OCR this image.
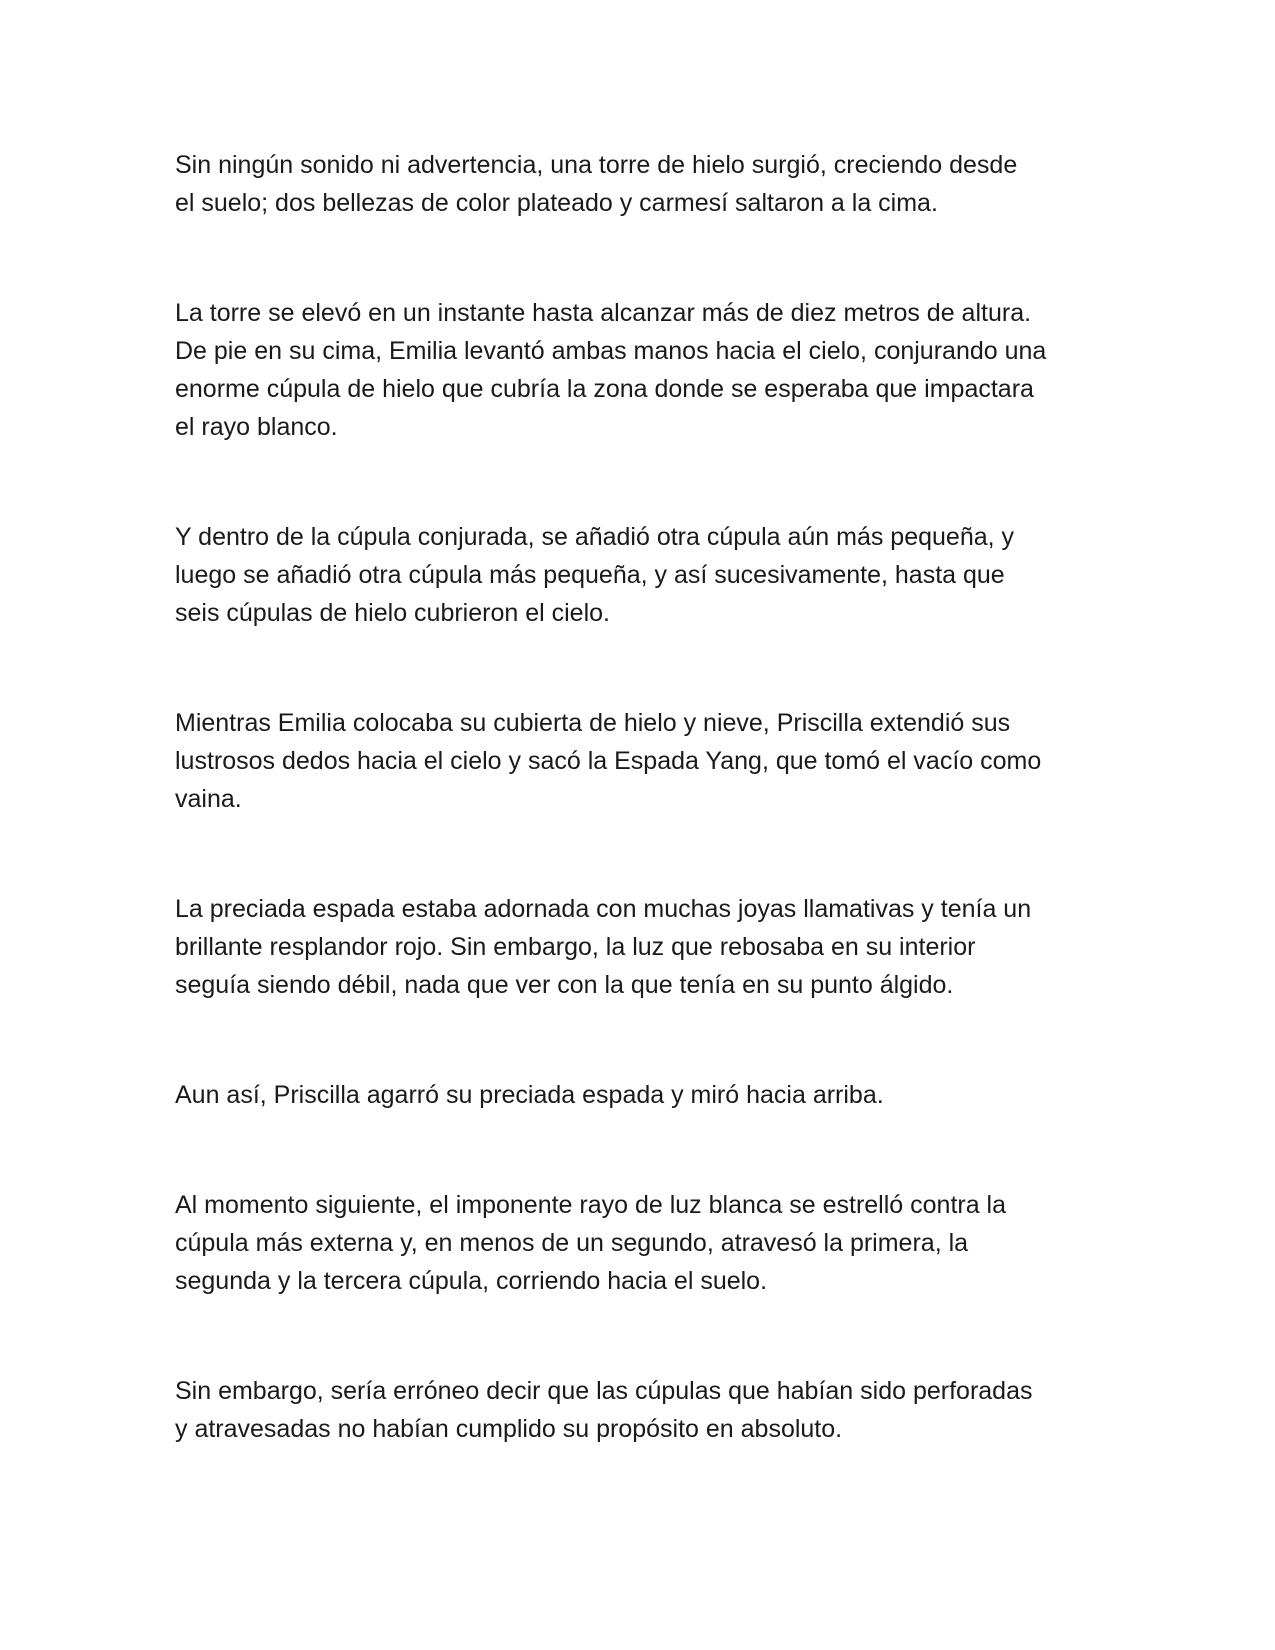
Sin ningún sonido ni advertencia, una torre de hielo surgió, creciendo desde
el suelo; dos bellezas de color plateado y carmesí saltaron a la cima.

La torre se elevó en un instante hasta alcanzar más de diez metros de altura.
De pie en su cima, Emilia levantó ambas manos hacia el cielo, conjurando una
enorme cúpula de hielo que cubría la zona donde se esperaba que impactara
el rayo blanco.

Y dentro de la cúpula conjurada, se añadió otra cúpula aún más pequeña, y
luego se añadió otra cúpula más pequeña, y así sucesivamente, hasta que
seis cúpulas de hielo cubrieron el cielo.

Mientras Emilia colocaba su cubierta de hielo y nieve, Priscilla extendió sus
lustrosos dedos hacia el cielo y sacó la Espada Yang, que tomó el vacío como
vaina.

La preciada espada estaba adornada con muchas joyas llamativas y tenía un
brillante resplandor rojo. Sin embargo, la luz que rebosaba en su interior
seguía siendo débil, nada que ver con la que tenía en su punto álgido.

Aun así, Priscilla agarró su preciada espada y miró hacia arriba.

Al momento siguiente, el imponente rayo de luz blanca se estrelló contra la
cúpula más externa y, en menos de un segundo, atravesó la primera, la
segunda y la tercera cúpula, corriendo hacia el suelo.

Sin embargo, sería erróneo decir que las cúpulas que habían sido perforadas
y atravesadas no habían cumplido su propósito en absoluto.
